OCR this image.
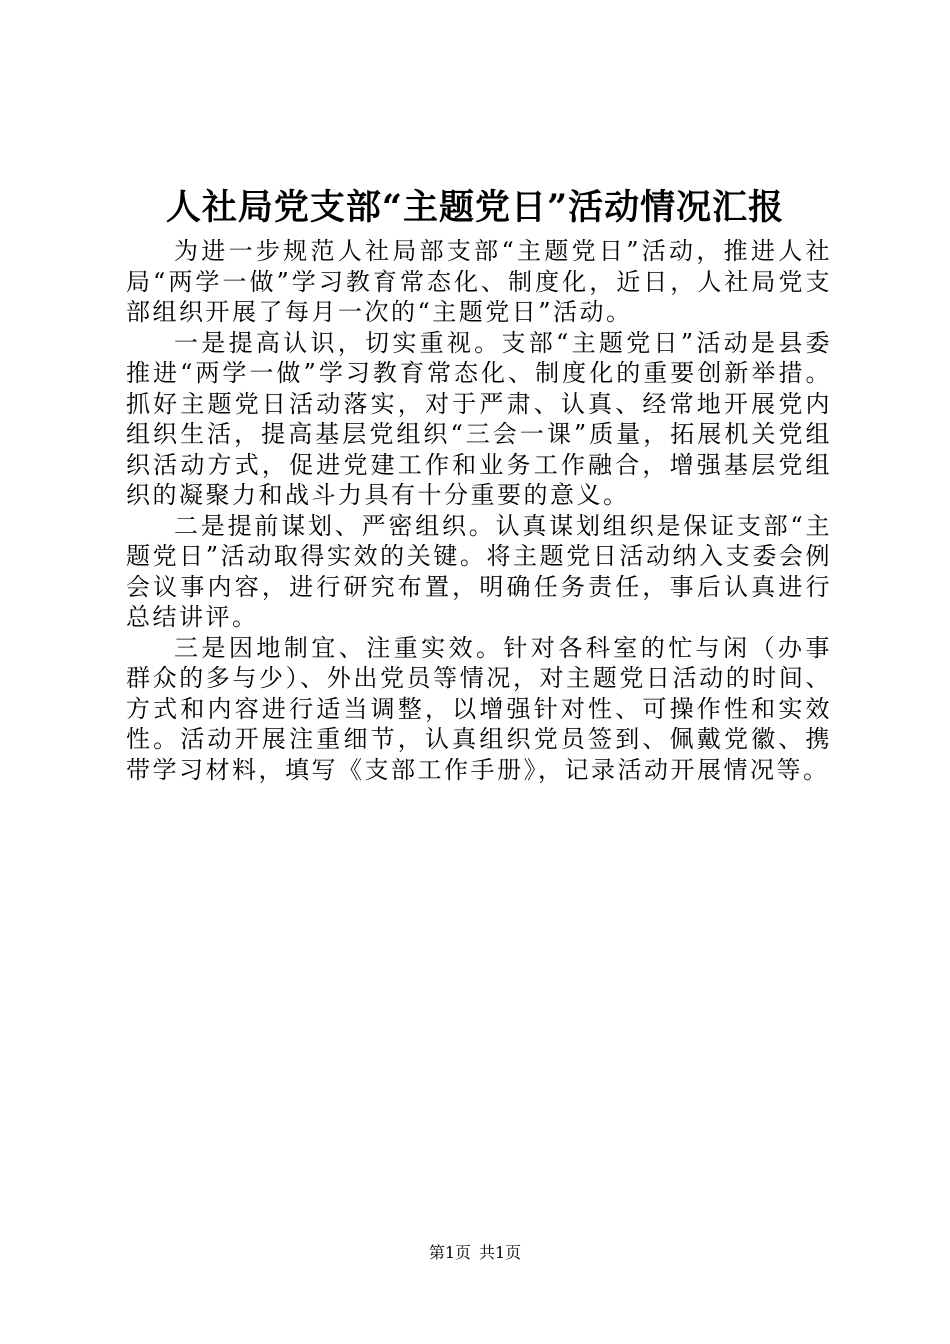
人社局党支部“主题党日”活动情况汇报

为进一步规范人社局部支部“主题党日”活动，推进人社局“两学一做”学习教育常态化、制度化，近日，人社局党支部组织开展了每月一次的“主题党日”活动。

一是提高认识，切实重视。支部“主题党日”活动是县委推进“两学一做”学习教育常态化、制度化的重要创新举措。抓好主题党日活动落实，对于严肃、认真、经常地开展党内组织生活，提高基层党组织“三会一课”质量，拓展机关党组织活动方式，促进党建工作和业务工作融合，增强基层党组织的凝聚力和战斗力具有十分重要的意义。

二是提前谋划、严密组织。认真谋划组织是保证支部“主题党日”活动取得实效的关键。将主题党日活动纳入支委会例会议事内容，进行研究布置，明确任务责任，事后认真进行总结讲评。

三是因地制宜、注重实效。针对各科室的忙与闲（办事群众的多与少）、外出党员等情况，对主题党日活动的时间、方式和内容进行适当调整，以增强针对性、可操作性和实效性。活动开展注重细节，认真组织党员签到、佩戴党徽、携带学习材料，填写《支部工作手册》，记录活动开展情况等。

第1页 共1页
